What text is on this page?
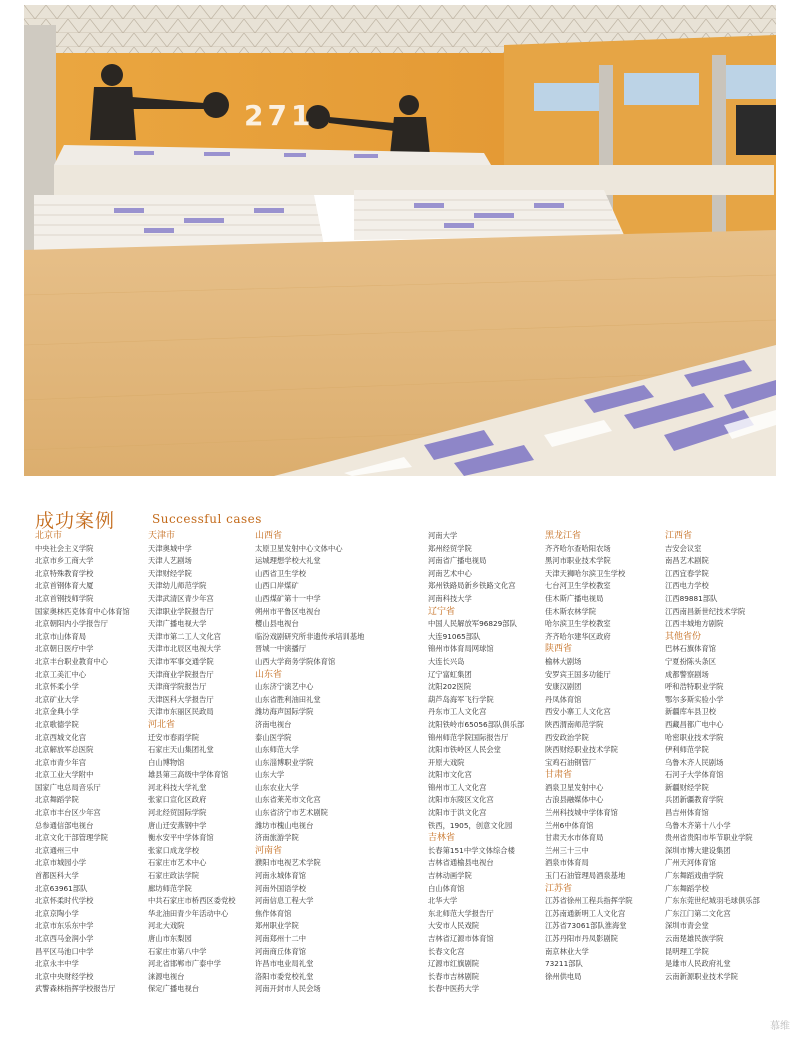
271
成功案例	Successful cases
北京市
中央社会主义学院
北京市乡工商大学
北京特殊教育学校
北京首钢体育大厦
北京首钢技师学院
国家奥林匹克体育中心体育馆
北京朝阳内小学报告厅
北京市山体育局
北京朝日医疗中学
北京丰台职业教育中心
北京工美汇中心
北京怀柔小学
北京矿业大学
北京金典小学
北京歌德学院
北京西城文化宫
北京解放军总医院
北京市青少年宫
北京工业大学附中
国家广电总局音乐厅
北京舞蹈学院
北京市丰台区少年宫
总参通信部电视台
北京文化干部管理学院
北京通州三中
北京市城园小学
首都医科大学
北京63961部队
北京怀柔时代学校
北京京陶小学
北京市东乐东中学
北京西马金润小学
昌平区马池口中学
北京永丰中学
北京中央财经学校
武警森林指挥学校报告厅
天津市
天津奥城中学
天津人艺剧场
天津财经学院
天津幼儿师范学院
天津武清区青少年宫
天津职业学院报告厅
天津广播电视大学
天津市第二工人文化宫
天津市北辰区电视大学
天津市军事交通学院
天津商业学院报告厅
天津商学院报告厅
天津医科大学报告厅
天津市东丽区民政局
河北省
迁安市春雨学院
石家庄天山集团礼堂
白山博物馆
雄县第三高级中学体育馆
河北科技大学礼堂
张家口宣化区政府
河北经贸国际学院
唐山迁安燕钢中学
衡水安平中学体育馆
张家口成龙学校
石家庄市艺术中心
石家庄政法学院
廊坊师范学院
中共石家庄市桥西区委党校
华北油田青少年活动中心
河北大戏院
唐山市东梨园
石家庄市第八中学
河北省邯郸市广泰中学
涞源电视台
保定广播电视台
山西省
太原卫星发射中心文体中心
运城理想学校大礼堂
山西省卫生学校
山西口岸煤矿
山西煤矿第十一中学
朔州市平鲁区电视台
樱山县电视台
临汾戏剧研究所非遗传承培训基地
晋城一中演播厅
山西大学商务学院体育馆
山东省
山东济宁演艺中心
山东省胜利油田礼堂
潍坊海声国际学院
济南电视台
泰山医学院
山东师范大学
山东淄博职业学院
山东大学
山东农业大学
山东省莱芜市文化宫
山东省济宁市艺术剧院
潍坊市槐山电视台
济南旅游学院
河南省
濮阳市电视艺术学院
河南永城体育馆
河南外国语学校
河南信息工程大学
焦作体育馆
郑州职业学院
河南郑州十二中
河南商丘体育馆
许昌市电业局礼堂
洛阳市委党校礼堂
河南开封市人民会场
河南大学
郑州经贸学院
河南省广播电视局
河南艺术中心
郑州铁路局新乡铁路文化宫
河南科技大学
辽宁省
中国人民解放军96829部队
大连91065部队
锦州市体育局网球馆
大连长兴岛
辽宁富虹集团
沈阳202医院
葫芦岛海军飞行学院
丹东市工人文化宫
沈阳铁岭市65056部队俱乐部
锦州师范学院国际报告厅
沈阳市铁岭区人民会堂
开原大戏院
沈阳市文化宫
锦州市工人文化宫
沈阳市东陵区文化宫
沈阳市于洪文化宫
铁西，1905，创意文化园
吉林省
长春第151中学文体综合楼
吉林省通榆县电视台
吉林动画学院
白山体育馆
北华大学
东北师范大学报告厅
大安市人民戏院
吉林省辽源市体育馆
长春文化宫
辽源市红旗剧院
长春市吉林剧院
长春中医药大学
黑龙江省
齐齐哈尔查哈阳农场
黑河市职业技术学院
天津天狮哈尔滨卫生学校
七台河卫生学校教室
佳木斯广播电视局
佳木斯农林学院
哈尔滨卫生学校教室
齐齐哈尔建华区政府
陕西省
榆林大剧场
安罗宾王国多功能厅
安康汉剧团
丹凤体育馆
西安小寨工人文化宫
陕西渭南师范学院
西安政治学院
陕西财经职业技术学院
宝鸡石油钢管厂
甘肃省
酒泉卫星发射中心
古浪县融媒体中心
兰州科技城中学体育馆
兰州6中体育馆
甘肃天水市体育局
兰州三十三中
酒泉市体育局
玉门石油管理局酒泉基地
江苏省
江苏省徐州工程兵指挥学院
江苏南通新明工人文化宫
江苏省73061部队淮海堂
江苏丹阳市丹凤影剧院
南京林业大学
73211部队
徐州供电局
江西省
吉安会议室
南昌艺术剧院
江西宜春学院
江西电力学校
江西89881部队
江西南昌新世纪技术学院
江西丰城地方剧院
其他省份
巴林石旗体育馆
宁夏扮陈头条区
成都警察剧场
呼和浩特职业学院
鄂尔多斯实验小学
新疆库车县卫校
西藏昌都广电中心
哈密职业技术学院
伊利师范学院
乌鲁木齐人民剧场
石河子大学体育馆
新疆财经学院
兵团新疆教育学院
昌吉州体育馆
乌鲁木齐第十八小学
贵州省贵阳市毕节职业学院
深圳市博大建设集团
广州天河体育馆
广东舞蹈戏曲学院
广东舞蹈学校
广东东莞世纪城羽毛球俱乐部
广东江门第二文化宫
深圳市青会堂
云南楚雄民族学院
昆明理工学院
是雄市人民政府礼堂
云南新源职业技术学院
慕维
